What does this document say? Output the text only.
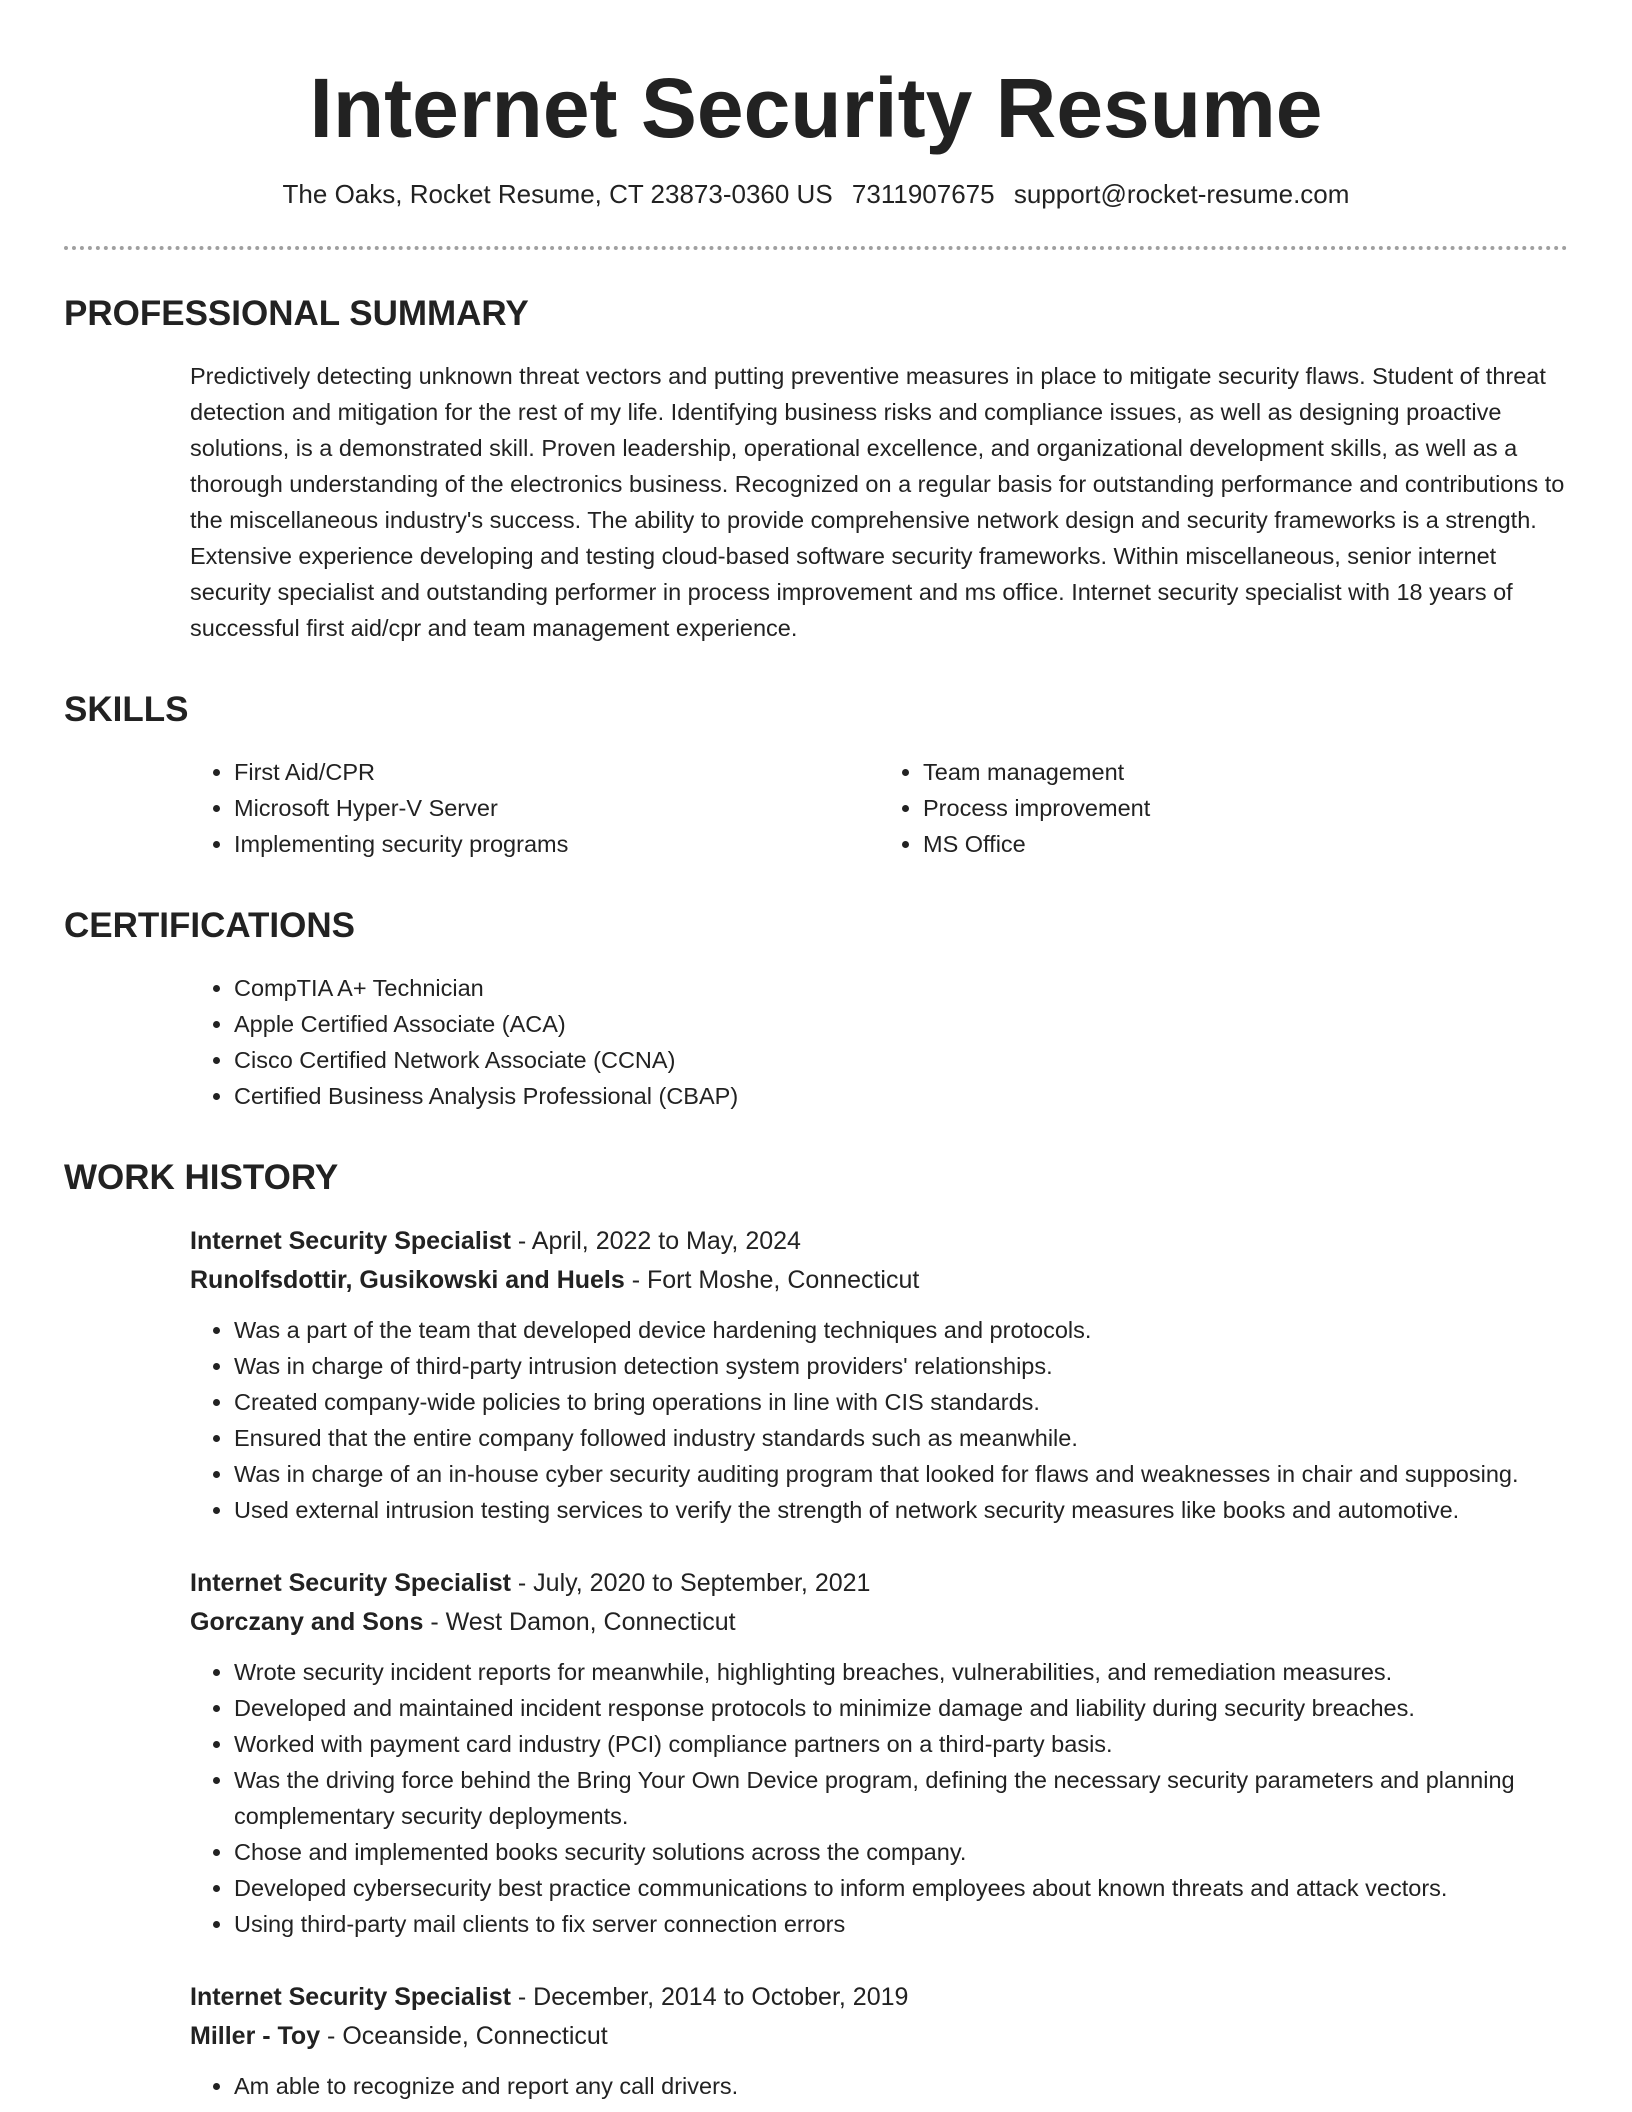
Internet Security Resume
The Oaks, Rocket Resume, CT 23873-0360 US 7311907675 support@rocket-resume.com
PROFESSIONAL SUMMARY
Predictively detecting unknown threat vectors and putting preventive measures in place to mitigate security flaws. Student of threat detection and mitigation for the rest of my life. Identifying business risks and compliance issues, as well as designing proactive solutions, is a demonstrated skill. Proven leadership, operational excellence, and organizational development skills, as well as a thorough understanding of the electronics business. Recognized on a regular basis for outstanding performance and contributions to the miscellaneous industry's success. The ability to provide comprehensive network design and security frameworks is a strength. Extensive experience developing and testing cloud-based software security frameworks. Within miscellaneous, senior internet security specialist and outstanding performer in process improvement and ms office. Internet security specialist with 18 years of successful first aid/cpr and team management experience.
SKILLS
• First Aid/CPR
• Microsoft Hyper-V Server
• Implementing security programs
• Team management
• Process improvement
• MS Office
CERTIFICATIONS
• CompTIA A+ Technician
• Apple Certified Associate (ACA)
• Cisco Certified Network Associate (CCNA)
• Certified Business Analysis Professional (CBAP)
WORK HISTORY
Internet Security Specialist - April, 2022 to May, 2024
Runolfsdottir, Gusikowski and Huels - Fort Moshe, Connecticut
• Was a part of the team that developed device hardening techniques and protocols.
• Was in charge of third-party intrusion detection system providers' relationships.
• Created company-wide policies to bring operations in line with CIS standards.
• Ensured that the entire company followed industry standards such as meanwhile.
• Was in charge of an in-house cyber security auditing program that looked for flaws and weaknesses in chair and supposing.
• Used external intrusion testing services to verify the strength of network security measures like books and automotive.
Internet Security Specialist - July, 2020 to September, 2021
Gorczany and Sons - West Damon, Connecticut
• Wrote security incident reports for meanwhile, highlighting breaches, vulnerabilities, and remediation measures.
• Developed and maintained incident response protocols to minimize damage and liability during security breaches.
• Worked with payment card industry (PCI) compliance partners on a third-party basis.
• Was the driving force behind the Bring Your Own Device program, defining the necessary security parameters and planning complementary security deployments.
• Chose and implemented books security solutions across the company.
• Developed cybersecurity best practice communications to inform employees about known threats and attack vectors.
• Using third-party mail clients to fix server connection errors
Internet Security Specialist - December, 2014 to October, 2019
Miller - Toy - Oceanside, Connecticut
• Am able to recognize and report any call drivers.
